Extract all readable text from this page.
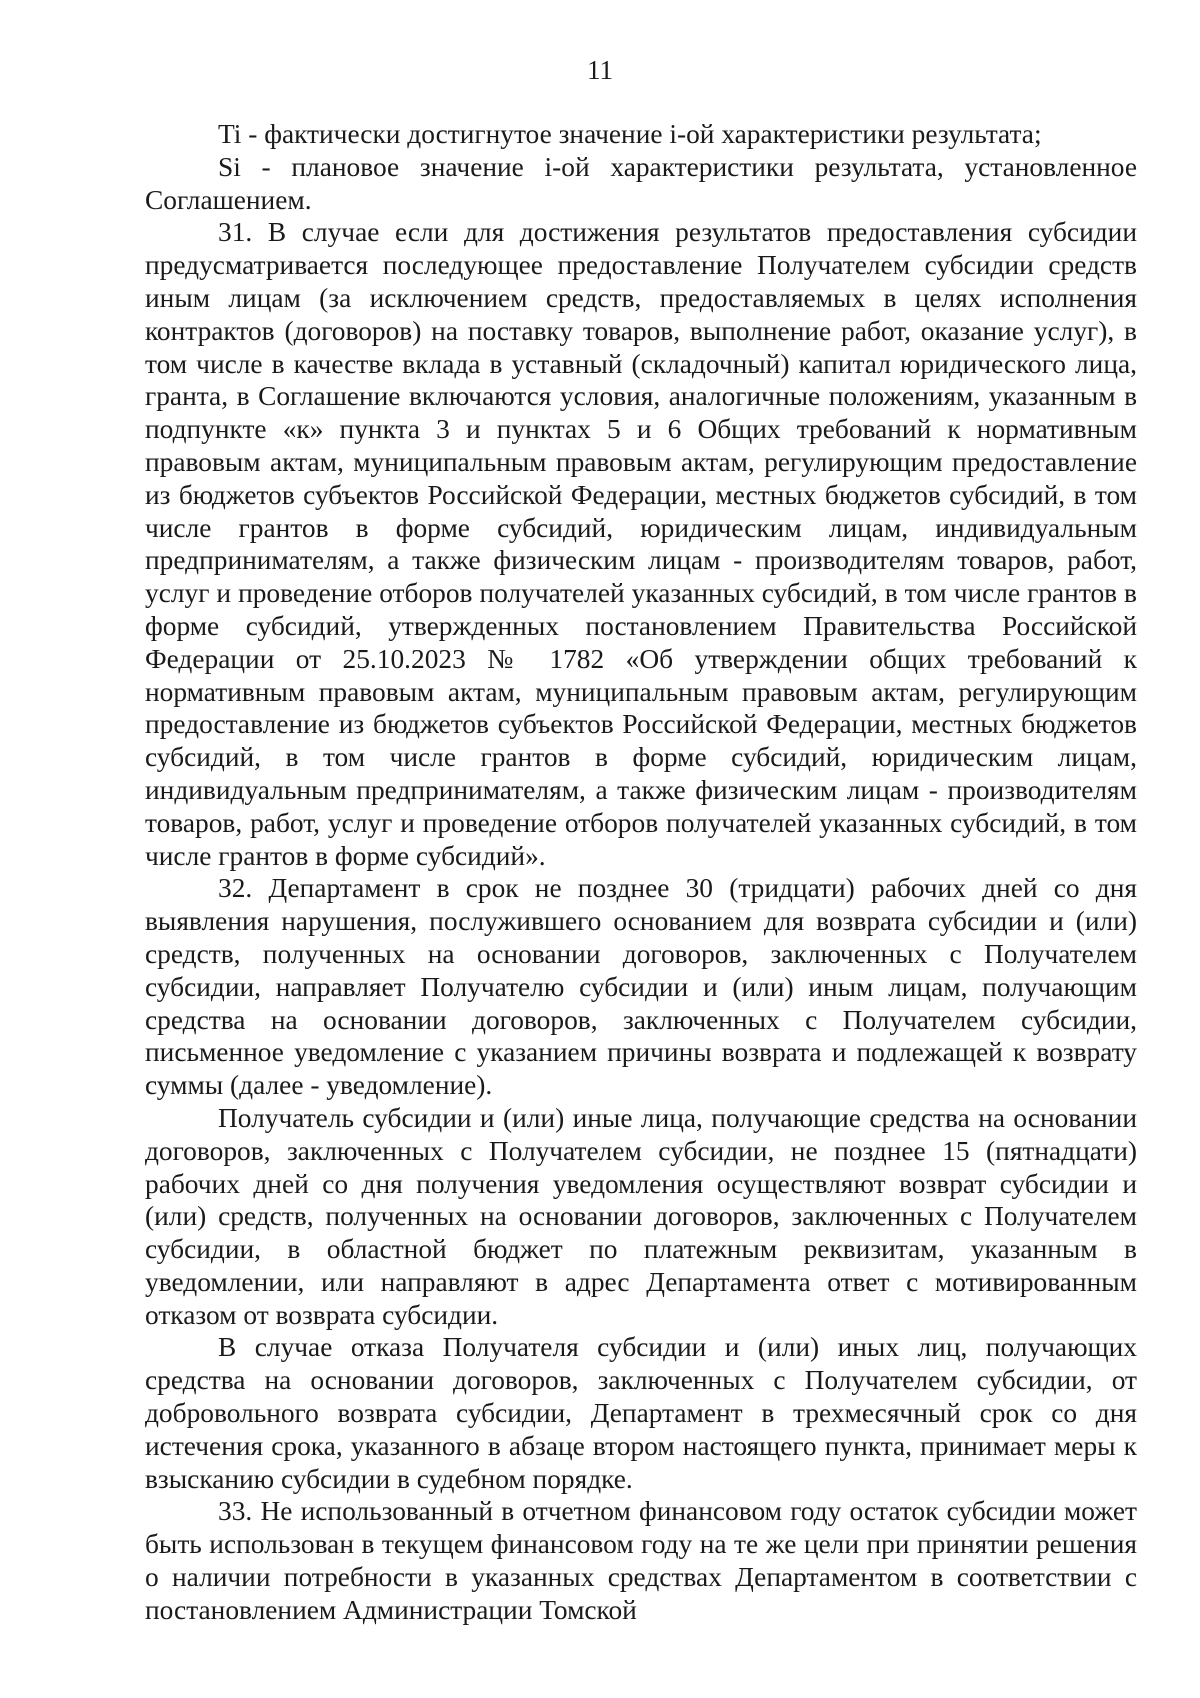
11

Ti - фактически достигнутое значение i-ой характеристики результата;

Si - плановое значение i-ой характеристики результата, установленное Соглашением.

31. В случае если для достижения результатов предоставления субсидии предусматривается последующее предоставление Получателем субсидии средств иным лицам (за исключением средств, предоставляемых в целях исполнения контрактов (договоров) на поставку товаров, выполнение работ, оказание услуг), в том числе в качестве вклада в уставный (складочный) капитал юридического лица, гранта, в Соглашение включаются условия, аналогичные положениям, указанным в подпункте «к» пункта 3 и пунктах 5 и 6 Общих требований к нормативным правовым актам, муниципальным правовым актам, регулирующим предоставление из бюджетов субъектов Российской Федерации, местных бюджетов субсидий, в том числе грантов в форме субсидий, юридическим лицам, индивидуальным предпринимателям, а также физическим лицам - производителям товаров, работ, услуг и проведение отборов получателей указанных субсидий, в том числе грантов в форме субсидий, утвержденных постановлением Правительства Российской Федерации от 25.10.2023 № 1782 «Об утверждении общих требований к нормативным правовым актам, муниципальным правовым актам, регулирующим предоставление из бюджетов субъектов Российской Федерации, местных бюджетов субсидий, в том числе грантов в форме субсидий, юридическим лицам, индивидуальным предпринимателям, а также физическим лицам - производителям товаров, работ, услуг и проведение отборов получателей указанных субсидий, в том числе грантов в форме субсидий».

32. Департамент в срок не позднее 30 (тридцати) рабочих дней со дня выявления нарушения, послужившего основанием для возврата субсидии и (или) средств, полученных на основании договоров, заключенных с Получателем субсидии, направляет Получателю субсидии и (или) иным лицам, получающим средства на основании договоров, заключенных с Получателем субсидии, письменное уведомление с указанием причины возврата и подлежащей к возврату суммы (далее - уведомление).

Получатель субсидии и (или) иные лица, получающие средства на основании договоров, заключенных с Получателем субсидии, не позднее 15 (пятнадцати) рабочих дней со дня получения уведомления осуществляют возврат субсидии и (или) средств, полученных на основании договоров, заключенных с Получателем субсидии, в областной бюджет по платежным реквизитам, указанным в уведомлении, или направляют в адрес Департамента ответ с мотивированным отказом от возврата субсидии.

В случае отказа Получателя субсидии и (или) иных лиц, получающих средства на основании договоров, заключенных с Получателем субсидии, от добровольного возврата субсидии, Департамент в трехмесячный срок со дня истечения срока, указанного в абзаце втором настоящего пункта, принимает меры к взысканию субсидии в судебном порядке.

33. Не использованный в отчетном финансовом году остаток субсидии может быть использован в текущем финансовом году на те же цели при принятии решения о наличии потребности в указанных средствах Департаментом в соответствии с постановлением Администрации Томской
